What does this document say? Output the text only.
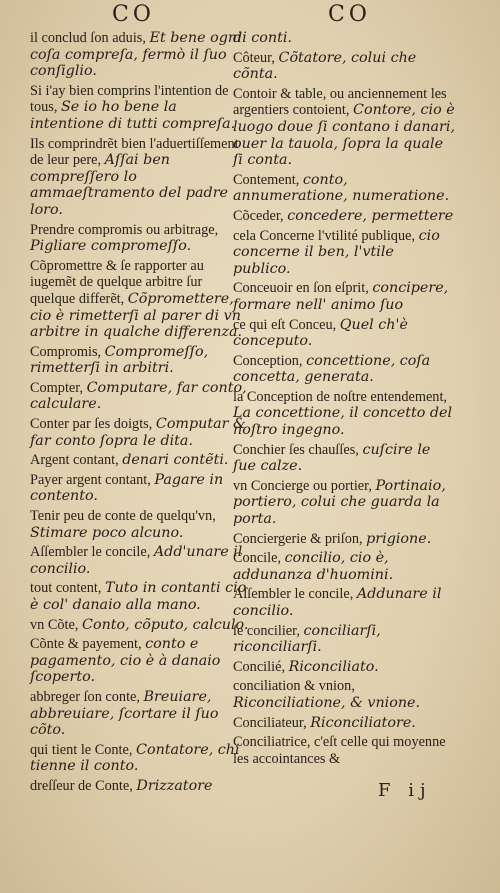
CO	CO

il conclud ſon aduis, Et bene ogni coſa compreſa, fermò il ſuo conſiglio.

Si i'ay bien comprins l'intention de tous, Se io ho bene la intentione di tutti compreſa.

Ils comprindrẽt bien l'aduertiſſement de leur pere, Aſſai ben compreſſero lo ammaeſtramento del padre loro.

Prendre compromis ou arbitrage, Pigliare compromeſſo.

Cõpromettre & ſe rapporter au iugemẽt de quelque arbitre ſur quelque differẽt, Cõpromettere, cio è rimetterſi al parer di vn arbitre in qualche differenza.

Compromis, Compromeſſo, rimetterſi in arbitri.

Compter, Computare, far conto, calculare.

Conter par ſes doigts, Computar & far conto ſopra le dita.

Argent contant, denari contẽti.

Payer argent contant, Pagare in contento.

Tenir peu de conte de quelqu'vn, Stimare poco alcuno.

Aſſembler le concile, Add'unare il concilio.

tout content, Tuto in contanti cio è col' danaio alla mano.

vn Cõte, Conto, cõputo, calculo.

Cõnte & payement, conto e pagamento, cio è à danaio ſcoperto.

abbreger ſon conte, Breuiare, abbreuiare, ſcortare il ſuo cõto.

qui tient le Conte, Contatore, chi tienne il conto.

dreſſeur de Conte, Drizzatore

di conti.

Côteur, Cõtatore, colui che cõnta.

Contoir & table, ou anciennement les argentiers contoient, Contore, cio è luogo doue ſi contano i danari, ouer la tauola, ſopra la quale ſi conta.

Contement, conto, annumeratione, numeratione.

Cõceder, concedere, permettere

cela Concerne l'vtilité publique, cio concerne il ben, l'vtile publico.

Conceuoir en ſon eſprit, concipere, formare nell' animo ſuo

ce qui eſt Conceu, Quel ch'è conceputo.

Conception, concettione, coſa concetta, generata.

la Conception de noſtre entendement, La concettione, il concetto del noſtro ingegno.

Conchier ſes chauſſes, cuſcire le ſue calze.

vn Concierge ou portier, Portinaio, portiero, colui che guarda la porta.

Conciergerie & priſon, prigione.

Concile, concilio, cio è, addunanza d'huomini.

Aſſembler le concile, Addunare il concilio.

ſe concilier, conciliarſi, riconciliarſi.

Concilié, Riconciliato.

conciliation & vnion, Riconciliatione, & vnione.

Conciliateur, Riconciliatore.

Conciliatrice, c'eſt celle qui moyenne les accointances &

F ij
